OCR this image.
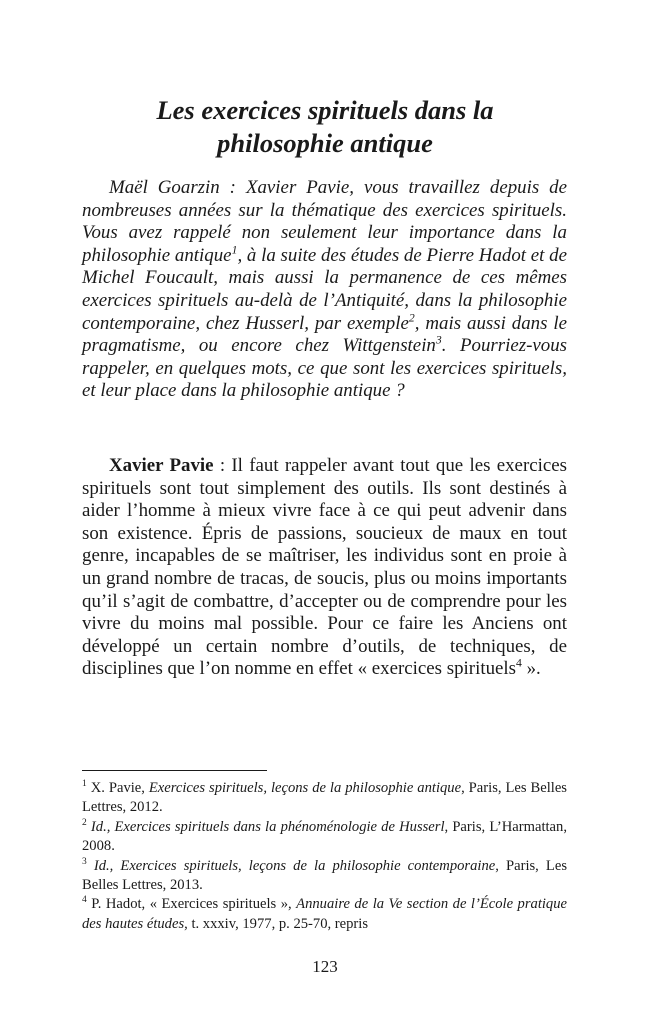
Les exercices spirituels dans la
philosophie antique

Maël Goarzin : Xavier Pavie, vous travaillez depuis de nombreuses années sur la thématique des exercices spirituels. Vous avez rappelé non seulement leur importance dans la philosophie antique$^1$, à la suite des études de Pierre Hadot et de Michel Foucault, mais aussi la permanence de ces mêmes exercices spirituels au-delà de l’Antiquité, dans la philosophie contemporaine, chez Husserl, par exemple$^2$, mais aussi dans le pragmatisme, ou encore chez Wittgenstein$^3$. Pourriez-vous rappeler, en quelques mots, ce que sont les exercices spirituels, et leur place dans la philosophie antique ?

Xavier Pavie : Il faut rappeler avant tout que les exercices spirituels sont tout simplement des outils. Ils sont destinés à aider l’homme à mieux vivre face à ce qui peut advenir dans son existence. Épris de passions, soucieux de maux en tout genre, incapables de se maîtriser, les individus sont en proie à un grand nombre de tracas, de soucis, plus ou moins importants qu’il s’agit de combattre, d’accepter ou de comprendre pour les vivre du moins mal possible. Pour ce faire les Anciens ont développé un certain nombre d’outils, de techniques, de disciplines que l’on nomme en effet « exercices spirituels$^4$ ».

$^1$ X. Pavie, Exercices spirituels, leçons de la philosophie antique, Paris, Les Belles Lettres, 2012.

$^2$ Id., Exercices spirituels dans la phénoménologie de Husserl, Paris, L’Harmattan, 2008.

$^3$ Id., Exercices spirituels, leçons de la philosophie contemporaine, Paris, Les Belles Lettres, 2013.

$^4$ P. Hadot, « Exercices spirituels », Annuaire de la Ve section de l’École pratique des hautes études, t. xxxiv, 1977, p. 25-70, repris

123
